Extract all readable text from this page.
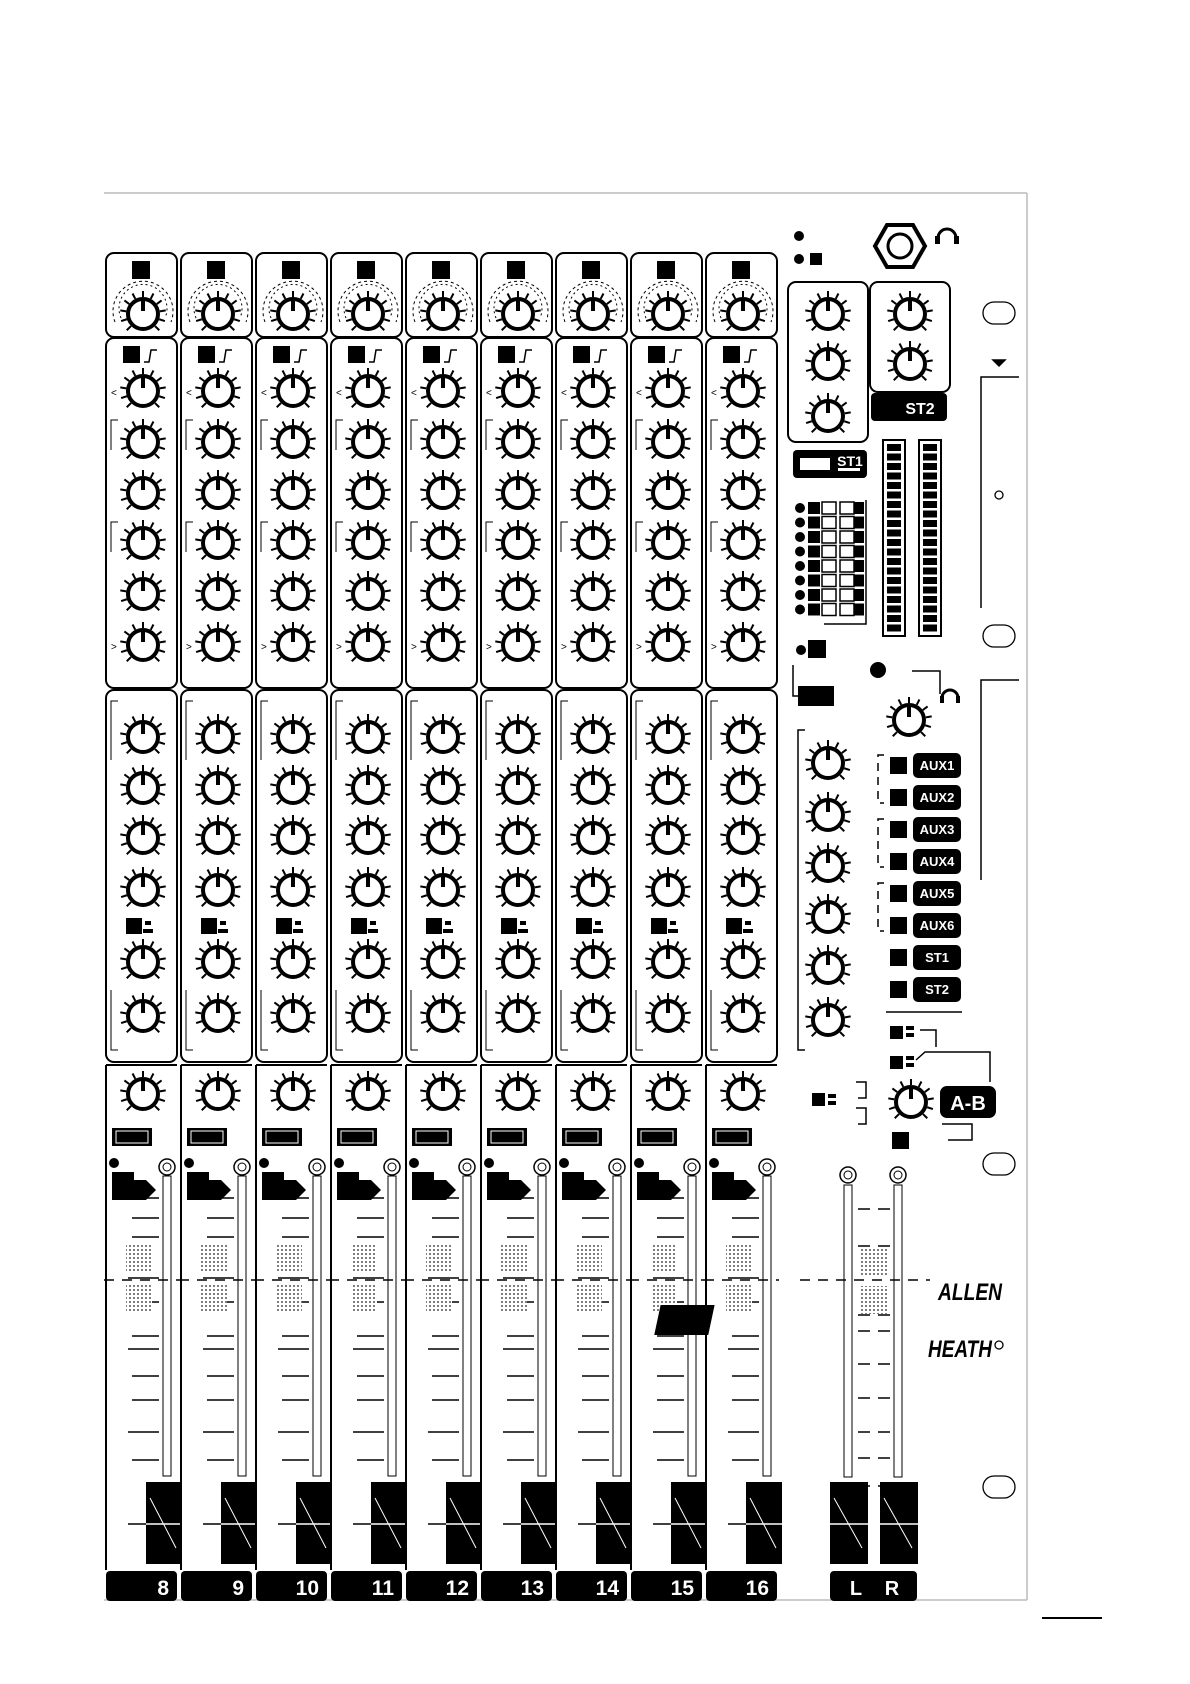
<
>
<
>
<
>
<
>
<
>
<
>
<
>
<
>
<
>
8	9 10	11 12 13 14 15 16	L R
ALLEN
&
HEATH
A-B
ST2
ST1
AUX1
AUX2
AUX3
AUX4
AUX5
AUX6
ST1
ST2
